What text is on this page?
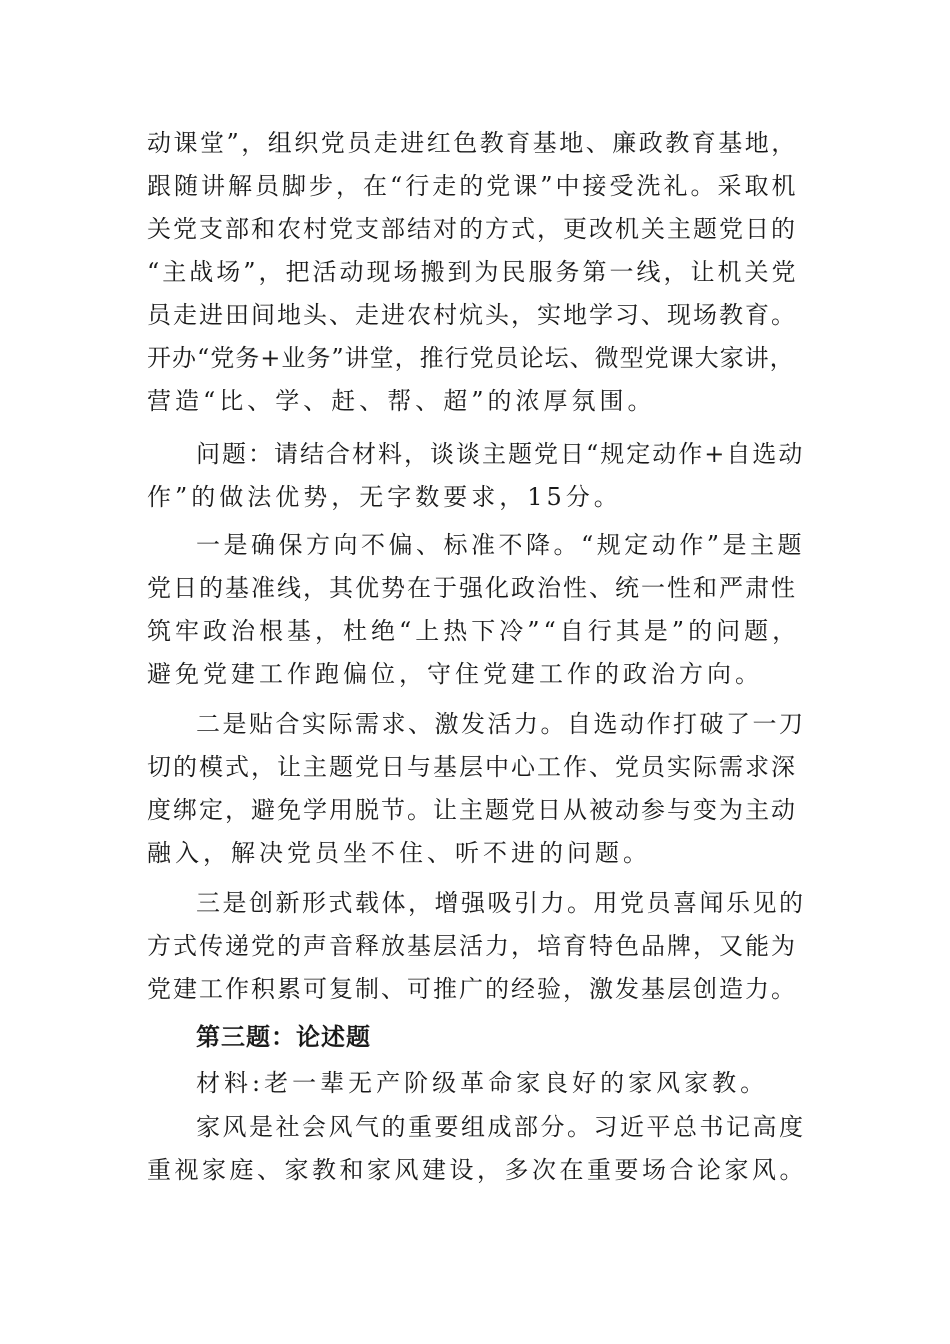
动课堂”，组织党员走进红色教育基地、廉政教育基地，
跟随讲解员脚步，在“行走的党课”中接受洗礼。采取机
关党支部和农村党支部结对的方式，更改机关主题党日的
“主战场”，把活动现场搬到为民服务第一线，让机关党
员走进田间地头、走进农村炕头，实地学习、现场教育。
开办“党务+业务”讲堂，推行党员论坛、微型党课大家讲，
营造“比、学、赶、帮、超”的浓厚氛围。
问题：请结合材料，谈谈主题党日“规定动作+自选动
作”的做法优势，无字数要求，15分。
一是确保方向不偏、标准不降。“规定动作”是主题
党日的基准线，其优势在于强化政治性、统一性和严肃性
筑牢政治根基，杜绝“上热下冷”“自行其是”的问题，
避免党建工作跑偏位，守住党建工作的政治方向。
二是贴合实际需求、激发活力。自选动作打破了一刀
切的模式，让主题党日与基层中心工作、党员实际需求深
度绑定，避免学用脱节。让主题党日从被动参与变为主动
融入，解决党员坐不住、听不进的问题。
三是创新形式载体，增强吸引力。用党员喜闻乐见的
方式传递党的声音释放基层活力，培育特色品牌，又能为
党建工作积累可复制、可推广的经验，激发基层创造力。
第三题：论述题
材料:老一辈无产阶级革命家良好的家风家教。
家风是社会风气的重要组成部分。习近平总书记高度
重视家庭、家教和家风建设，多次在重要场合论家风。
